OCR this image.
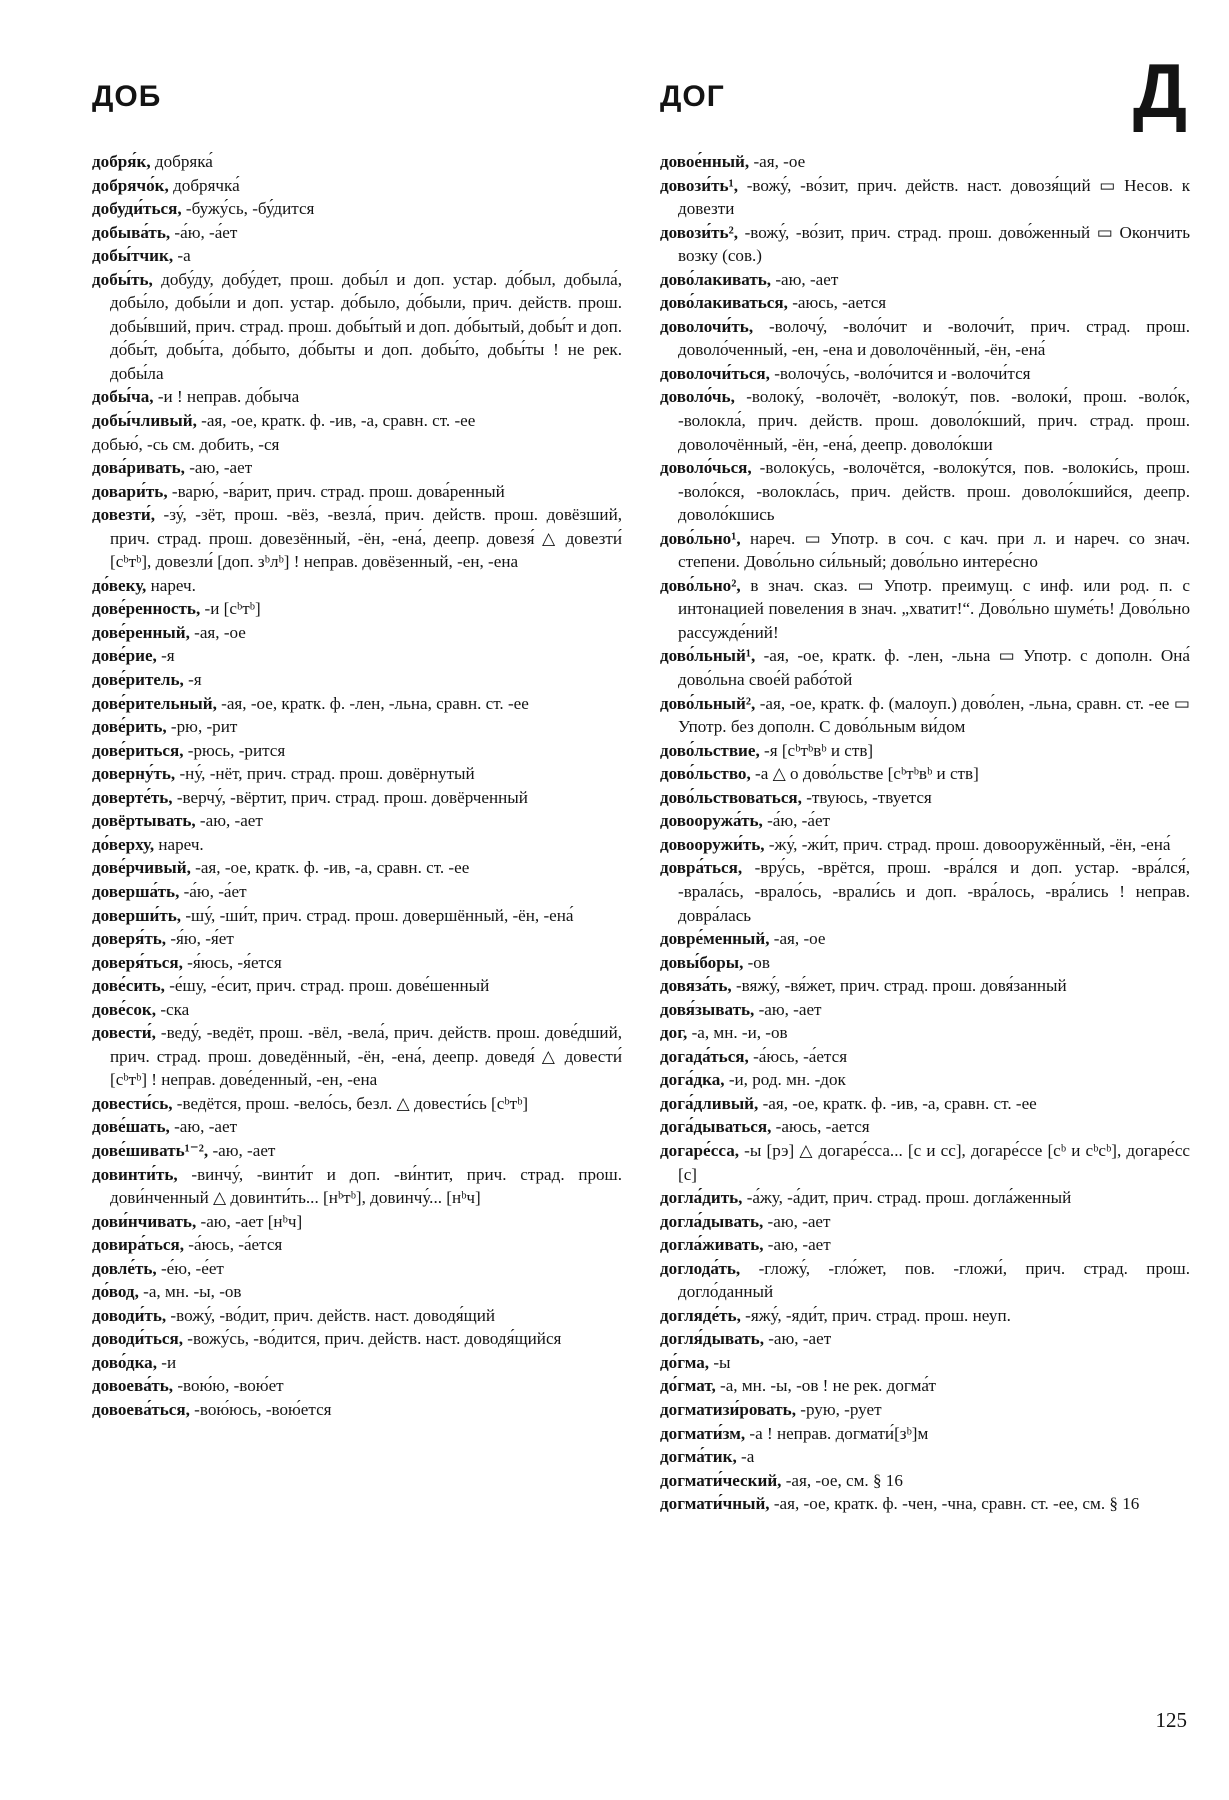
ДОБ	ДОГ	Д
добря́к, добряка́
добрячо́к, добрячка́
добуди́ться, -бужу́сь, -бу́дится
добыва́ть, -а́ю, -а́ет
добы́тчик, -а
добы́ть, добу́ду, добу́дет, прош. добы́л и доп. устар. до́был, добыла́, добы́ло, добы́ли и доп. устар. до́было, до́были, прич. действ. прош. добы́вший, прич. страд. прош. добы́тый и доп. до́бытый, добы́т и доп. до́бы́т, добы́та, до́быто, до́быты и доп. добы́то, добы́ты ! не рек. добы́ла
добы́ча, -и ! неправ. до́быча
добы́чливый, -ая, -ое, кратк. ф. -ив, -а, сравн. ст. -ее
добью́, -сь см. добить, -ся
дова́ривать, -аю, -ает
довари́ть, -варю́, -ва́рит, прич. страд. прош. дова́ренный
довезти́, -зу́, -зёт, прош. -вёз, -везла́, прич. действ. прош. довёзший, прич. страд. прош. довезённый, -ён, -ена́, деепр. довезя́ △ довезти́ [сᵇтᵇ], довезли́ [доп. зᵇлᵇ] ! неправ. довёзенный, -ен, -ена
до́веку, нареч.
дове́ренность, -и [сᵇтᵇ]
дове́ренный, -ая, -ое
дове́рие, -я
дове́ритель, -я
дове́рительный, -ая, -ое, кратк. ф. -лен, -льна, сравн. ст. -ее
дове́рить, -рю, -рит
дове́риться, -рюсь, -рится
доверну́ть, -ну́, -нёт, прич. страд. прош. довёрнутый
доверте́ть, -верчу́, -вёртит, прич. страд. прош. довёрченный
довёртывать, -аю, -ает
до́верху, нареч.
дове́рчивый, -ая, -ое, кратк. ф. -ив, -а, сравн. ст. -ее
доверша́ть, -а́ю, -а́ет
доверши́ть, -шу́, -ши́т, прич. страд. прош. довершённый, -ён, -ена́
доверя́ть, -я́ю, -я́ет
доверя́ться, -я́юсь, -я́ется
дове́сить, -е́шу, -е́сит, прич. страд. прош. дове́шенный
дове́сок, -ска
довести́, -веду́, -ведёт, прош. -вёл, -вела́, прич. действ. прош. дове́дший, прич. страд. прош. доведённый, -ён, -ена́, деепр. доведя́ △ довести́ [сᵇтᵇ] ! неправ. дове́денный, -ен, -ена
довести́сь, -ведётся, прош. -вело́сь, безл. △ довести́сь [сᵇтᵇ]
дове́шать, -аю, -ает
дове́шивать¹⁻², -аю, -ает
довинти́ть, -винчу́, -винти́т и доп. -ви́нтит, прич. страд. прош. дови́нченный △ довинти́ть... [нᵇтᵇ], довинчу́... [нᵇч]
дови́нчивать, -аю, -ает [нᵇч]
довира́ться, -а́юсь, -а́ется
довле́ть, -е́ю, -е́ет
до́вод, -а, мн. -ы, -ов
доводи́ть, -вожу́, -во́дит, прич. действ. наст. доводя́щий
доводи́ться, -вожу́сь, -во́дится, прич. действ. наст. доводя́щийся
дово́дка, -и
довоева́ть, -вою́ю, -вою́ет
довоева́ться, -вою́юсь, -вою́ется
довое́нный, -ая, -ое
довози́ть¹, -вожу́, -во́зит, прич. действ. наст. довозя́щий ▭ Несов. к довезти
довози́ть², -вожу́, -во́зит, прич. страд. прош. дово́женный ▭ Окончить возку (сов.)
дово́лакивать, -аю, -ает
дово́лакиваться, -аюсь, -ается
доволочи́ть, -волочу́, -воло́чит и -волочи́т, прич. страд. прош. доволо́ченный, -ен, -ена и доволочённый, -ён, -ена́
доволочи́ться, -волочу́сь, -воло́чится и -волочи́тся
доволо́чь, -волоку́, -волочёт, -волоку́т, пов. -волоки́, прош. -воло́к, -волокла́, прич. действ. прош. доволо́кший, прич. страд. прош. доволочённый, -ён, -ена́, деепр. доволо́кши
доволо́чься, -волоку́сь, -волочётся, -волоку́тся, пов. -волоки́сь, прош. -воло́кся, -волокла́сь, прич. действ. прош. доволо́кшийся, деепр. доволо́кшись
дово́льно¹, нареч. ▭ Употр. в соч. с кач. при л. и нареч. со знач. степени. Дово́льно си́льный; дово́льно интере́сно
дово́льно², в знач. сказ. ▭ Употр. преимущ. с инф. или род. п. с интонацией повеления в знач. „хватит!“. Дово́льно шуме́ть! Дово́льно рассужде́ний!
дово́льный¹, -ая, -ое, кратк. ф. -лен, -льна ▭ Употр. с дополн. Она́ дово́льна свое́й рабо́той
дово́льный², -ая, -ое, кратк. ф. (малоуп.) дово́лен, -льна, сравн. ст. -ее ▭ Употр. без дополн. С дово́льным ви́дом
дово́льствие, -я [сᵇтᵇвᵇ и ств]
дово́льство, -а △ о дово́льстве [сᵇтᵇвᵇ и ств]
дово́льствоваться, -твуюсь, -твуется
довооружа́ть, -а́ю, -а́ет
довооружи́ть, -жу́, -жи́т, прич. страд. прош. довооружённый, -ён, -ена́
довра́ться, -вру́сь, -врётся, прош. -вра́лся и доп. устар. -вра́лся́, -врала́сь, -врало́сь, -врали́сь и доп. -вра́лось, -вра́лись ! неправ. довра́лась
довре́менный, -ая, -ое
довы́боры, -ов
довяза́ть, -вяжу́, -вя́жет, прич. страд. прош. довя́занный
довя́зывать, -аю, -ает
дог, -а, мн. -и, -ов
догада́ться, -а́юсь, -а́ется
дога́дка, -и, род. мн. -док
дога́дливый, -ая, -ое, кратк. ф. -ив, -а, сравн. ст. -ее
дога́дываться, -аюсь, -ается
догаре́сса, -ы [рэ] △ догаре́сса... [с и сс], догаре́ссе [сᵇ и сᵇсᵇ], догаре́сс [с]
догла́дить, -а́жу, -а́дит, прич. страд. прош. догла́женный
догла́дывать, -аю, -ает
догла́живать, -аю, -ает
доглода́ть, -гложу́, -гло́жет, пов. -гложи́, прич. страд. прош. догло́данный
догляде́ть, -яжу́, -яди́т, прич. страд. прош. неуп.
догля́дывать, -аю, -ает
до́гма, -ы
до́гмат, -а, мн. -ы, -ов ! не рек. догма́т
догматизи́ровать, -рую, -рует
догмати́зм, -а ! неправ. догмати́[зᵇ]м
догма́тик, -а
догмати́ческий, -ая, -ое, см. § 16
догмати́чный, -ая, -ое, кратк. ф. -чен, -чна, сравн. ст. -ее, см. § 16
125
